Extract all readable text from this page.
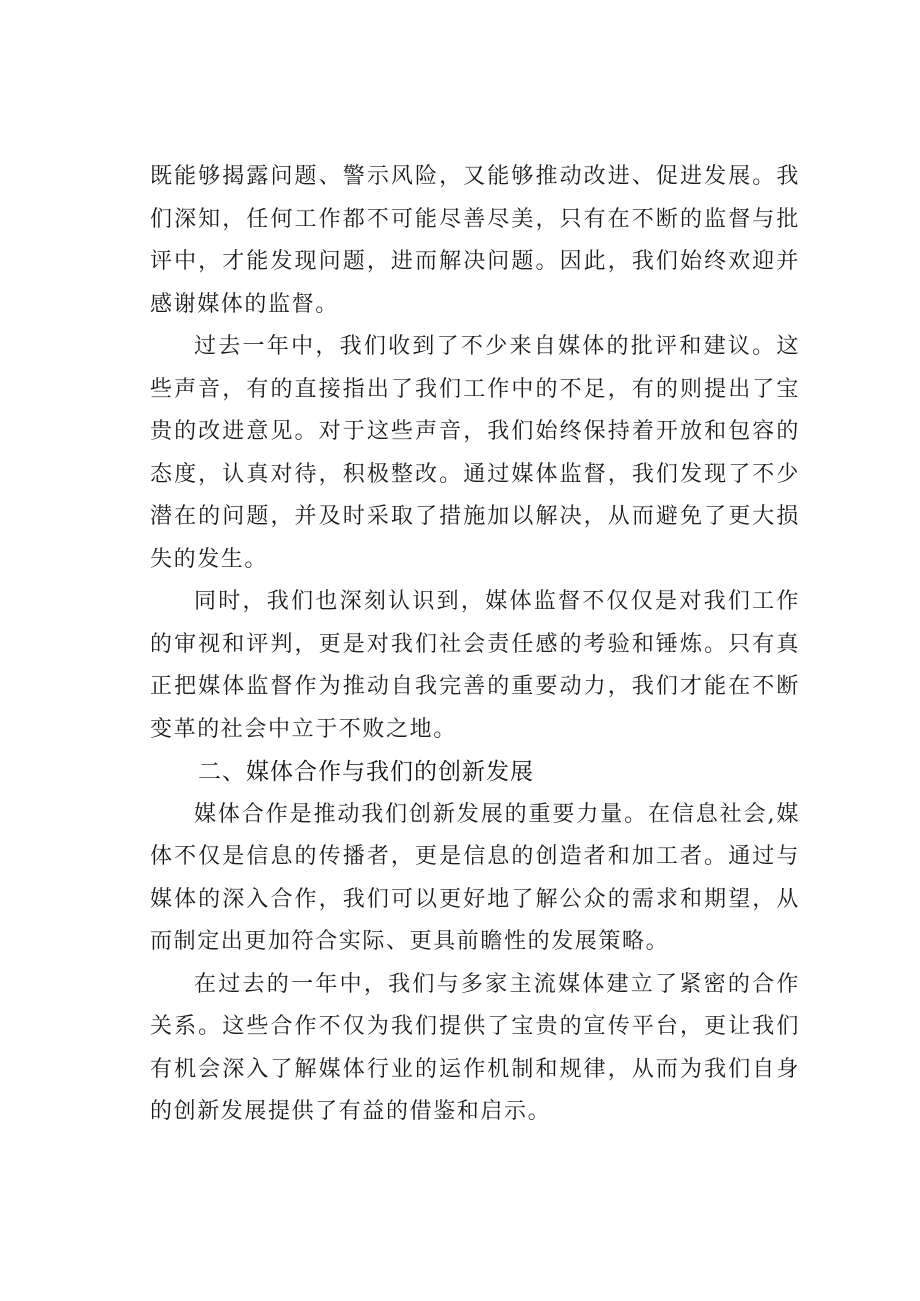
既能够揭露问题、警示风险，又能够推动改进、促进发展。我们深知，任何工作都不可能尽善尽美，只有在不断的监督与批评中，才能发现问题，进而解决问题。因此，我们始终欢迎并感谢媒体的监督。

过去一年中，我们收到了不少来自媒体的批评和建议。这些声音，有的直接指出了我们工作中的不足，有的则提出了宝贵的改进意见。对于这些声音，我们始终保持着开放和包容的态度，认真对待，积极整改。通过媒体监督，我们发现了不少潜在的问题，并及时采取了措施加以解决，从而避免了更大损失的发生。

同时，我们也深刻认识到，媒体监督不仅仅是对我们工作的审视和评判，更是对我们社会责任感的考验和锤炼。只有真正把媒体监督作为推动自我完善的重要动力，我们才能在不断变革的社会中立于不败之地。

二、媒体合作与我们的创新发展

媒体合作是推动我们创新发展的重要力量。在信息社会,媒体不仅是信息的传播者，更是信息的创造者和加工者。通过与媒体的深入合作，我们可以更好地了解公众的需求和期望，从而制定出更加符合实际、更具前瞻性的发展策略。

在过去的一年中，我们与多家主流媒体建立了紧密的合作关系。这些合作不仅为我们提供了宝贵的宣传平台，更让我们有机会深入了解媒体行业的运作机制和规律，从而为我们自身的创新发展提供了有益的借鉴和启示。
